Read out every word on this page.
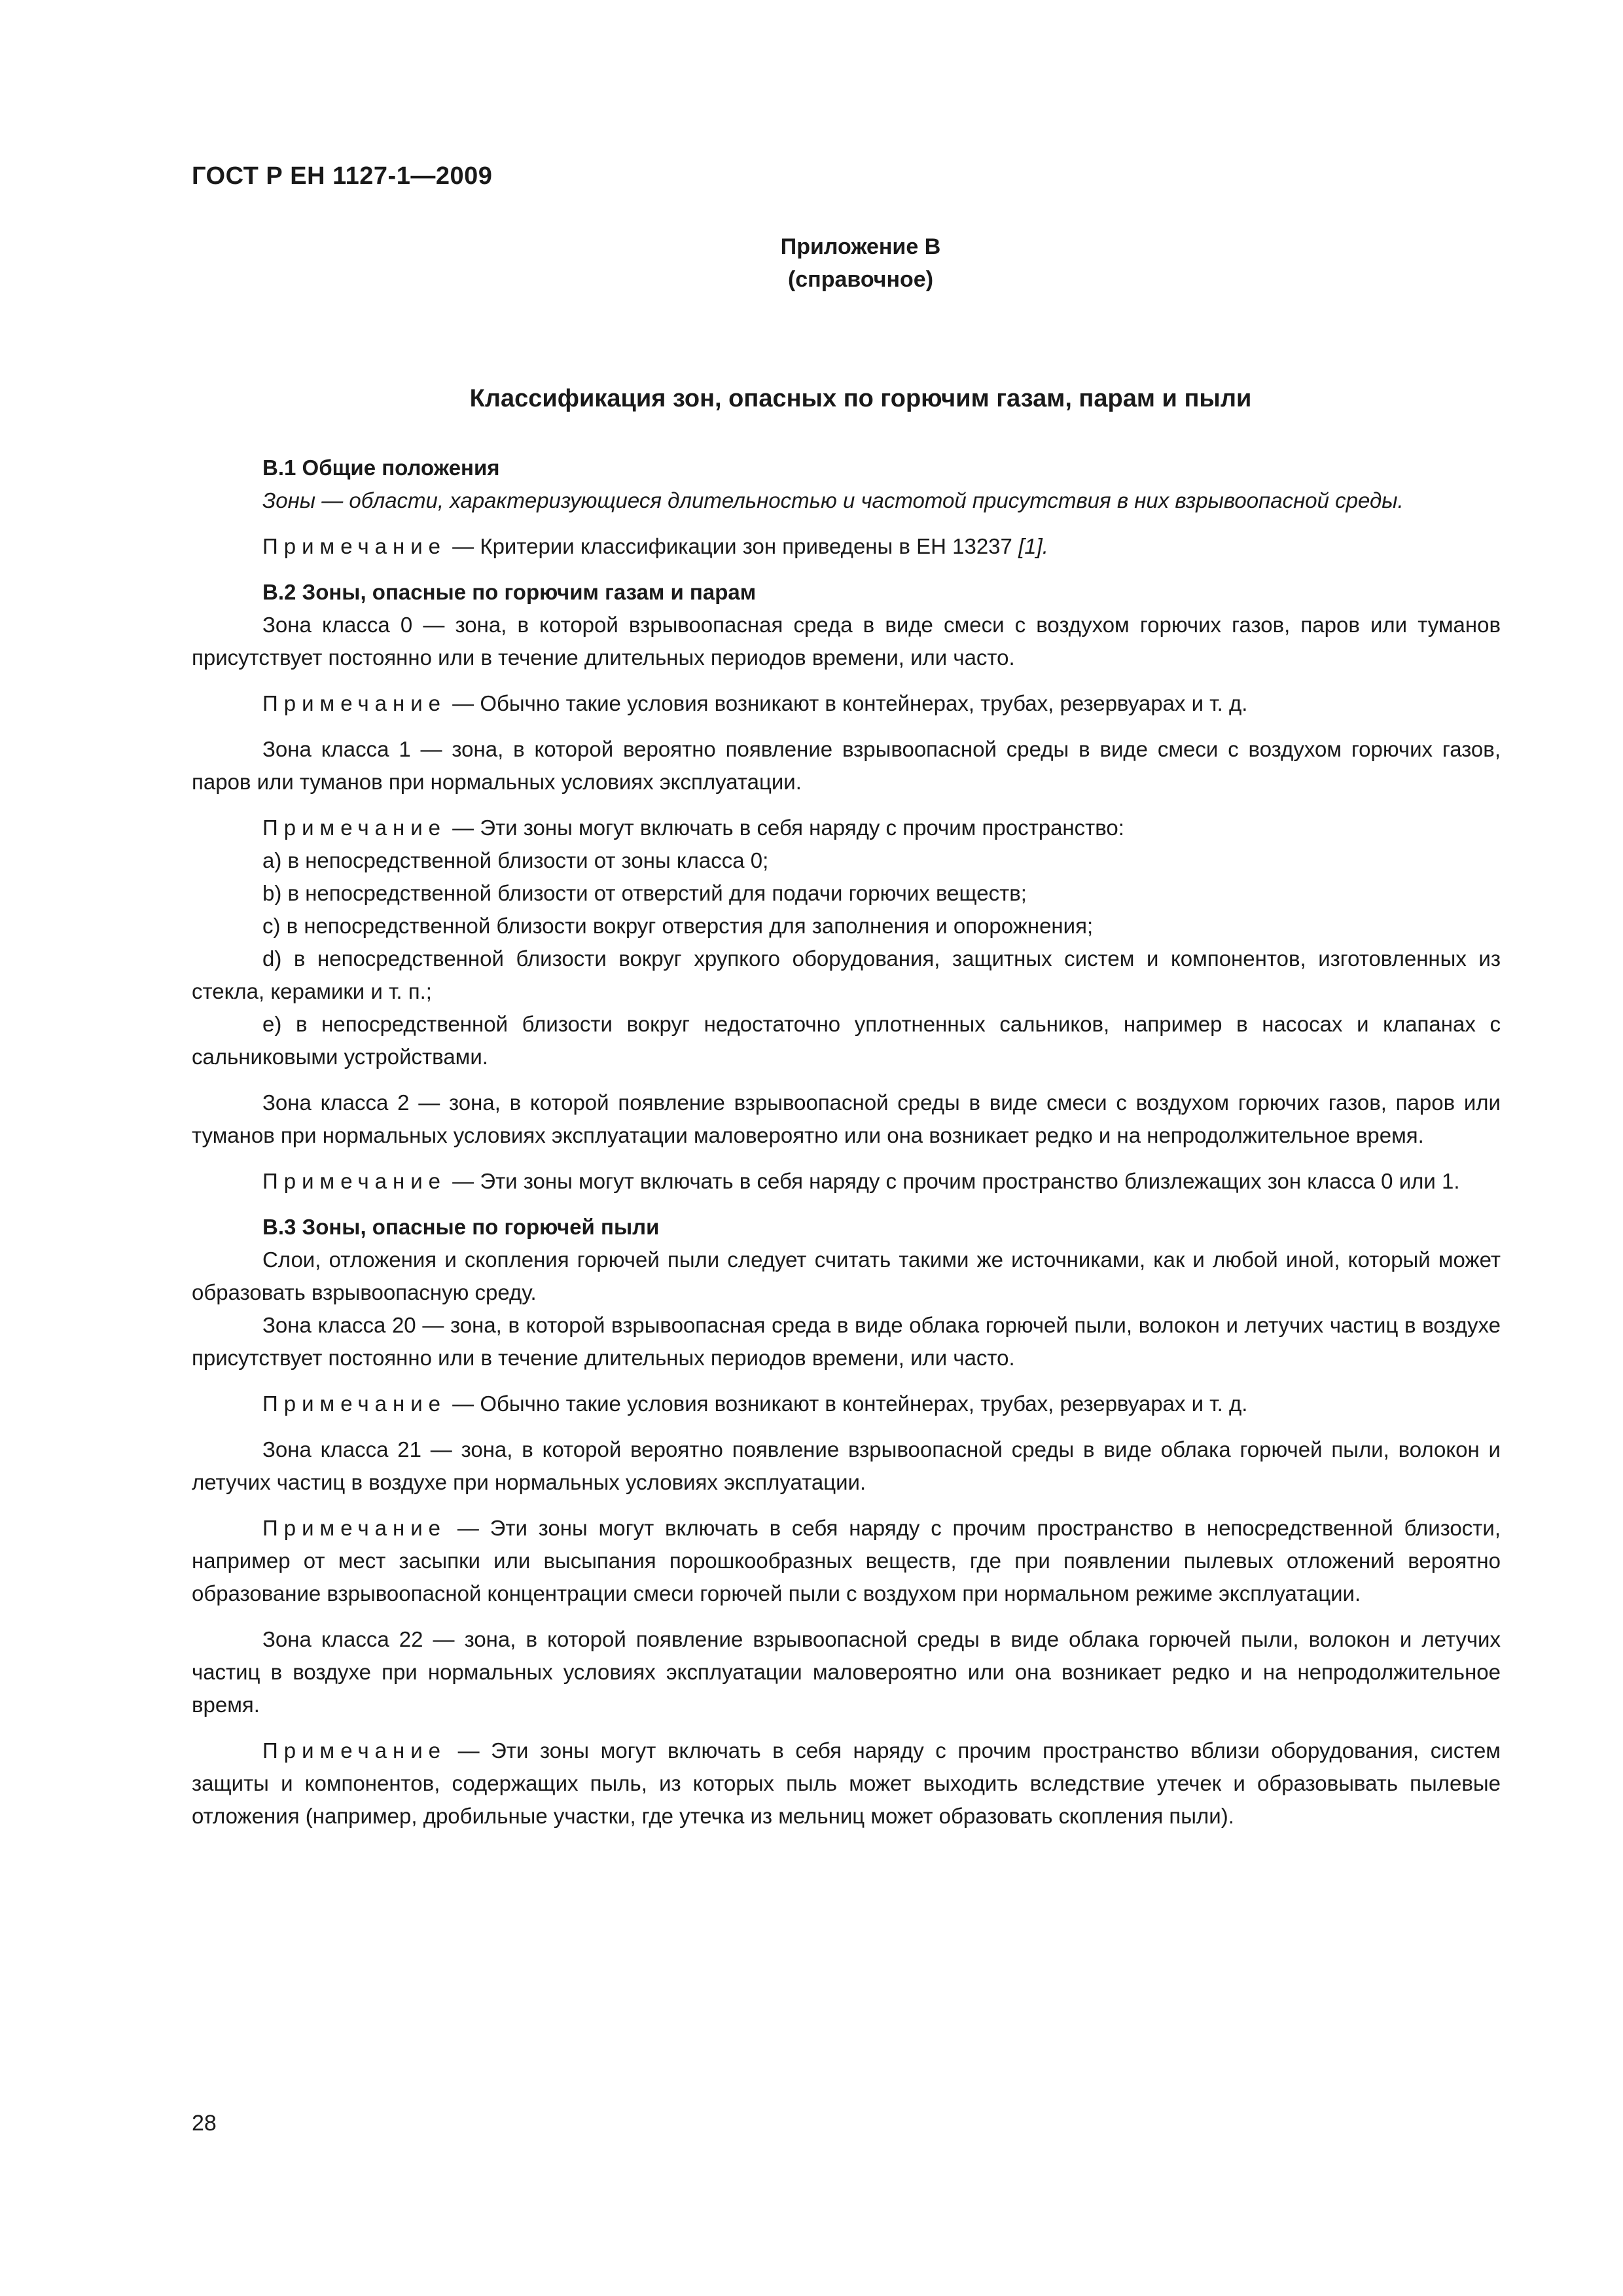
ГОСТ Р ЕН 1127-1—2009
Приложение В
(справочное)
Классификация зон, опасных по горючим газам, парам и пыли
В.1 Общие положения

Зоны — области, характеризующиеся длительностью и частотой присутствия в них взрывоопасной среды.

Примечание — Критерии классификации зон приведены в ЕН 13237 [1].

В.2 Зоны, опасные по горючим газам и парам

Зона класса 0 — зона, в которой взрывоопасная среда в виде смеси с воздухом горючих газов, паров или туманов присутствует постоянно или в течение длительных периодов времени, или часто.

Примечание — Обычно такие условия возникают в контейнерах, трубах, резервуарах и т. д.

Зона класса 1 — зона, в которой вероятно появление взрывоопасной среды в виде смеси с воздухом горючих газов, паров или туманов при нормальных условиях эксплуатации.

Примечание — Эти зоны могут включать в себя наряду с прочим пространство:

a) в непосредственной близости от зоны класса 0;

b) в непосредственной близости от отверстий для подачи горючих веществ;

c) в непосредственной близости вокруг отверстия для заполнения и опорожнения;

d) в непосредственной близости вокруг хрупкого оборудования, защитных систем и компонентов, изготовленных из стекла, керамики и т. п.;

e) в непосредственной близости вокруг недостаточно уплотненных сальников, например в насосах и клапанах с сальниковыми устройствами.

Зона класса 2 — зона, в которой появление взрывоопасной среды в виде смеси с воздухом горючих газов, паров или туманов при нормальных условиях эксплуатации маловероятно или она возникает редко и на непродолжительное время.

Примечание — Эти зоны могут включать в себя наряду с прочим пространство близлежащих зон класса 0 или 1.

В.3 Зоны, опасные по горючей пыли

Слои, отложения и скопления горючей пыли следует считать такими же источниками, как и любой иной, который может образовать взрывоопасную среду.

Зона класса 20 — зона, в которой взрывоопасная среда в виде облака горючей пыли, волокон и летучих частиц в воздухе присутствует постоянно или в течение длительных периодов времени, или часто.

Примечание — Обычно такие условия возникают в контейнерах, трубах, резервуарах и т. д.

Зона класса 21 — зона, в которой вероятно появление взрывоопасной среды в виде облака горючей пыли, волокон и летучих частиц в воздухе при нормальных условиях эксплуатации.

Примечание — Эти зоны могут включать в себя наряду с прочим пространство в непосредственной близости, например от мест засыпки или высыпания порошкообразных веществ, где при появлении пылевых отложений вероятно образование взрывоопасной концентрации смеси горючей пыли с воздухом при нормальном режиме эксплуатации.

Зона класса 22 — зона, в которой появление взрывоопасной среды в виде облака горючей пыли, волокон и летучих частиц в воздухе при нормальных условиях эксплуатации маловероятно или она возникает редко и на непродолжительное время.

Примечание — Эти зоны могут включать в себя наряду с прочим пространство вблизи оборудования, систем защиты и компонентов, содержащих пыль, из которых пыль может выходить вследствие утечек и образовывать пылевые отложения (например, дробильные участки, где утечка из мельниц может образовать скопления пыли).

28
